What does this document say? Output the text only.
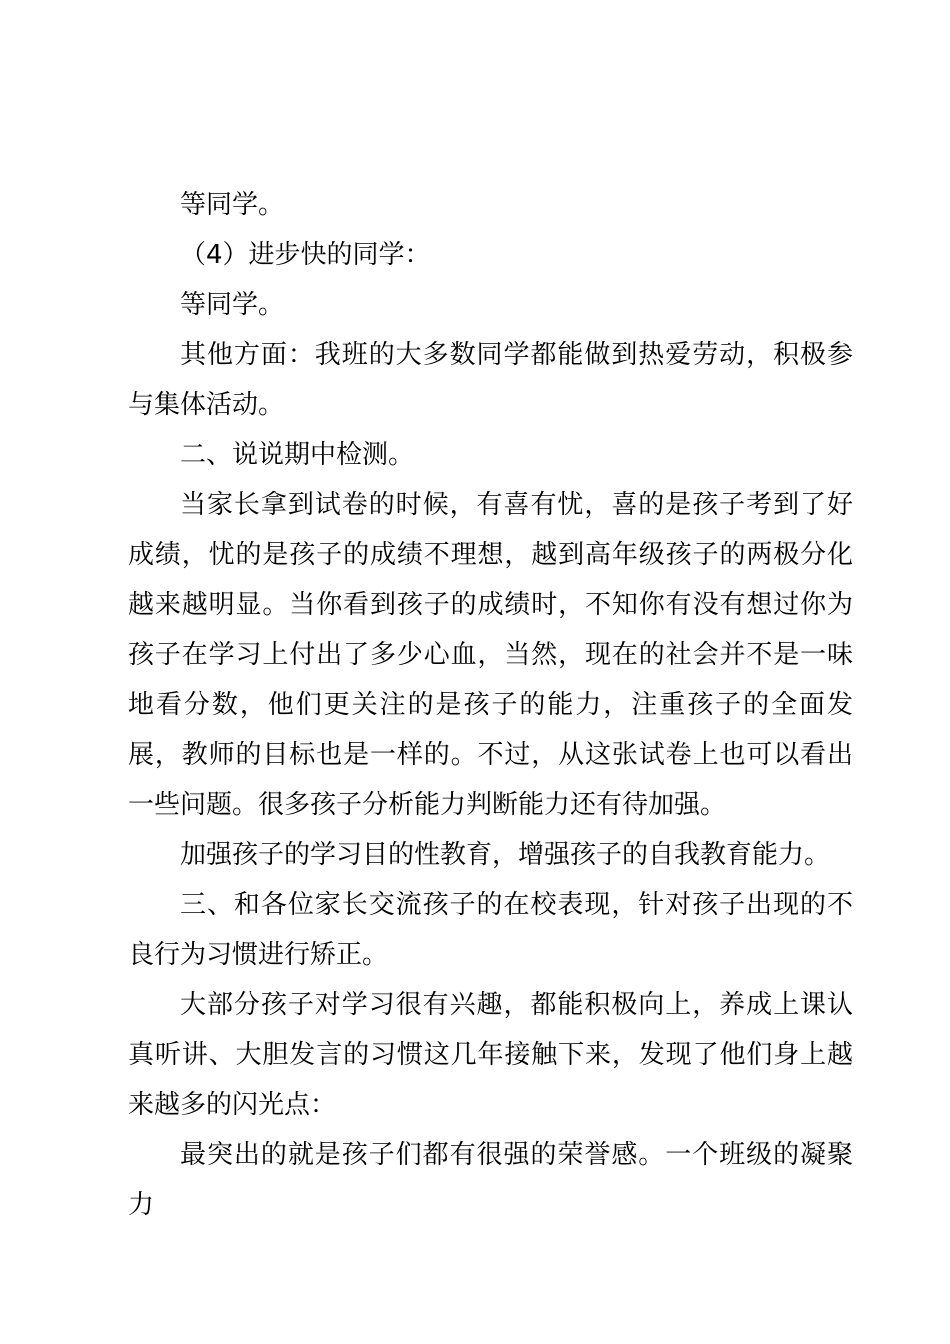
等同学。

（4）进步快的同学：

等同学。

其他方面：我班的大多数同学都能做到热爱劳动，积极参与集体活动。

二、说说期中检测。

当家长拿到试卷的时候，有喜有忧，喜的是孩子考到了好成绩，忧的是孩子的成绩不理想，越到高年级孩子的两极分化越来越明显。当你看到孩子的成绩时，不知你有没有想过你为孩子在学习上付出了多少心血，当然，现在的社会并不是一味地看分数，他们更关注的是孩子的能力，注重孩子的全面发展，教师的目标也是一样的。不过，从这张试卷上也可以看出一些问题。很多孩子分析能力判断能力还有待加强。

加强孩子的学习目的性教育，增强孩子的自我教育能力。

三、和各位家长交流孩子的在校表现，针对孩子出现的不良行为习惯进行矫正。

大部分孩子对学习很有兴趣，都能积极向上，养成上课认真听讲、大胆发言的习惯这几年接触下来，发现了他们身上越来越多的闪光点：

最突出的就是孩子们都有很强的荣誉感。一个班级的凝聚力
